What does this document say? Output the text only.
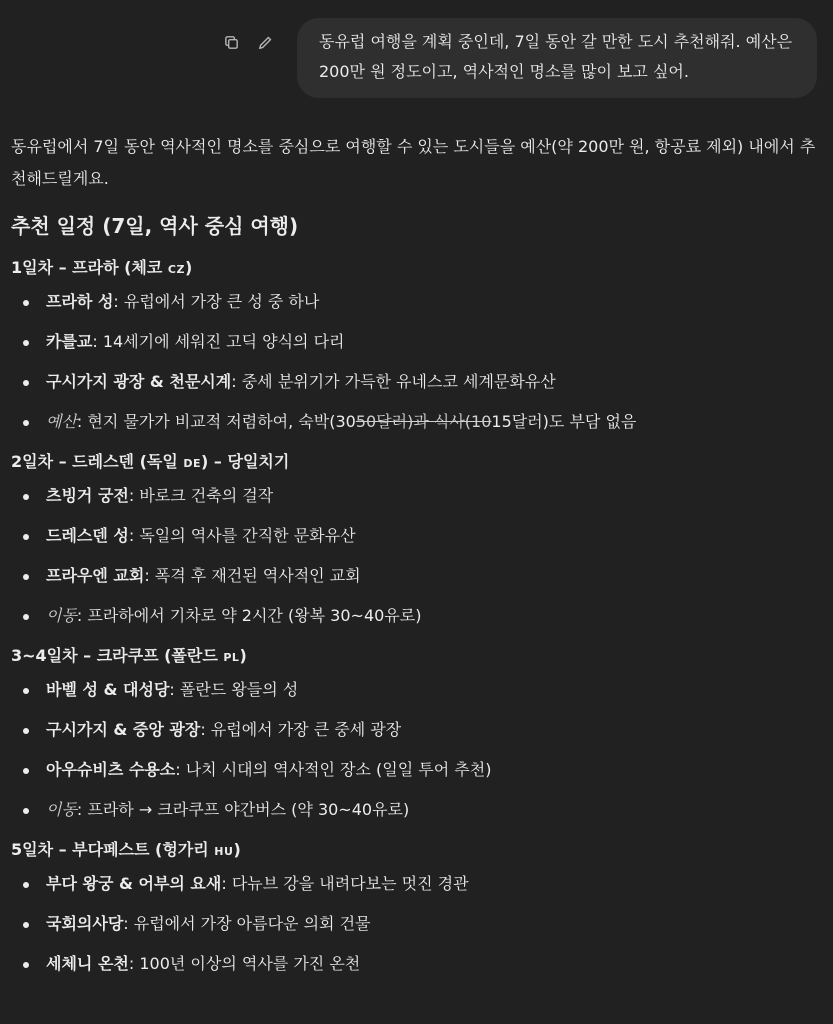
동유럽 여행을 계획 중인데, 7일 동안 갈 만한 도시 추천해줘. 예산은 200만 원 정도이고, 역사적인 명소를 많이 보고 싶어.

동유럽에서 7일 동안 역사적인 명소를 중심으로 여행할 수 있는 도시들을 예산(약 200만 원, 항공료 제외) 내에서 추천해드릴게요.

추천 일정 (7일, 역사 중심 여행)
1일차 – 프라하 (체코 CZ)
프라하 성: 유럽에서 가장 큰 성 중 하나
카를교: 14세기에 세워진 고딕 양식의 다리
구시가지 광장 & 천문시계: 중세 분위기가 가득한 유네스코 세계문화유산
예산: 현지 물가가 비교적 저렴하여, 숙박(3050달러)과 식사(1015달러)도 부담 없음
2일차 – 드레스덴 (독일 DE) – 당일치기
츠빙거 궁전: 바로크 건축의 걸작
드레스덴 성: 독일의 역사를 간직한 문화유산
프라우엔 교회: 폭격 후 재건된 역사적인 교회
이동: 프라하에서 기차로 약 2시간 (왕복 30~40유로)
3~4일차 – 크라쿠프 (폴란드 PL)
바벨 성 & 대성당: 폴란드 왕들의 성
구시가지 & 중앙 광장: 유럽에서 가장 큰 중세 광장
아우슈비츠 수용소: 나치 시대의 역사적인 장소 (일일 투어 추천)
이동: 프라하 → 크라쿠프 야간버스 (약 30~40유로)
5일차 – 부다페스트 (헝가리 HU)
부다 왕궁 & 어부의 요새: 다뉴브 강을 내려다보는 멋진 경관
국회의사당: 유럽에서 가장 아름다운 의회 건물
세체니 온천: 100년 이상의 역사를 가진 온천
